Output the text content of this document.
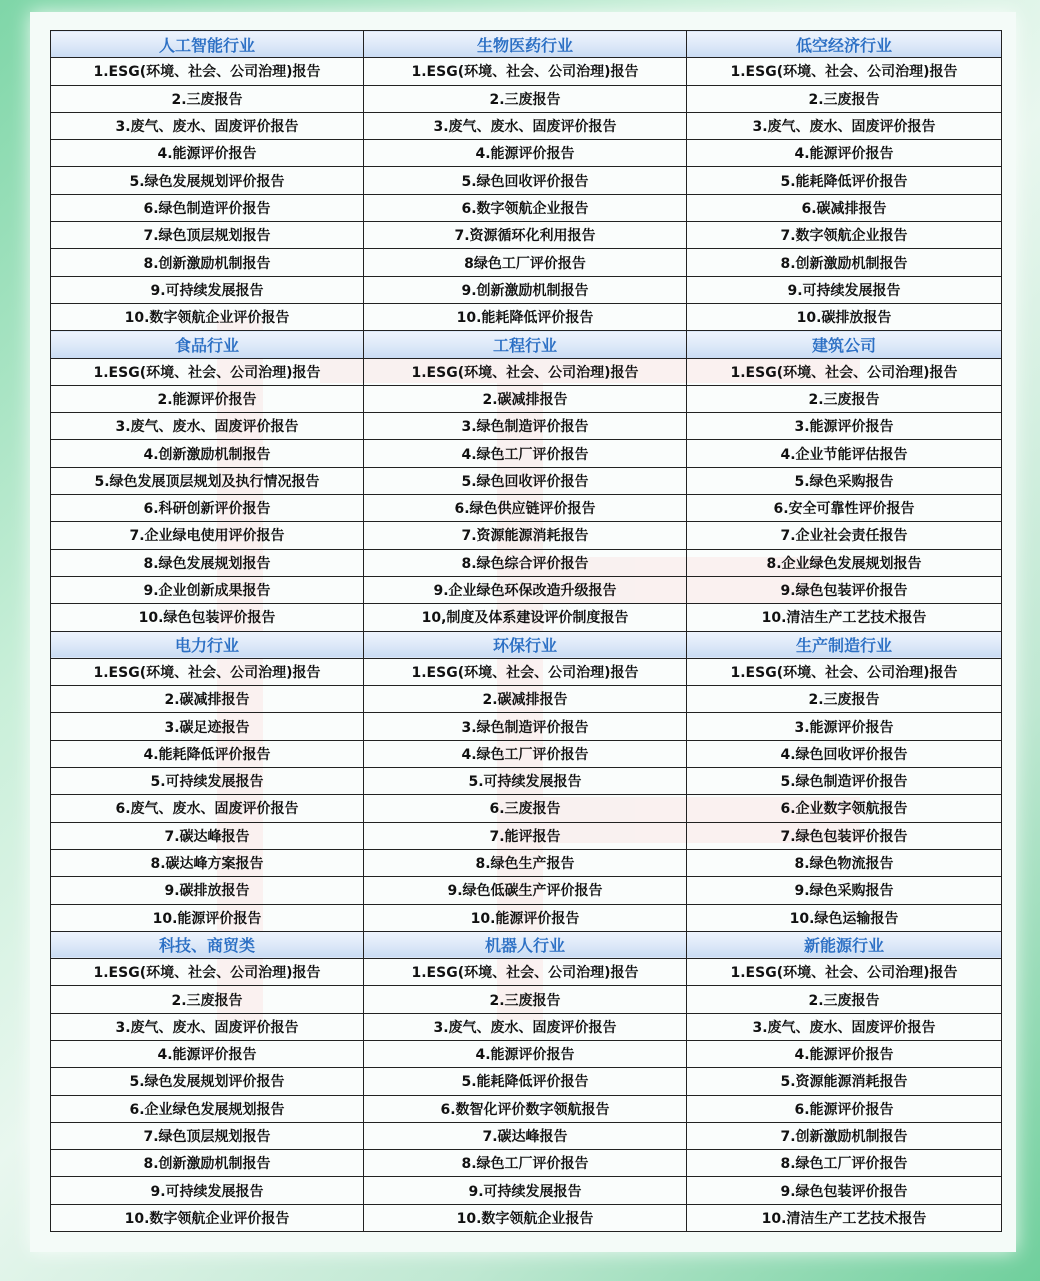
人工智能行业	生物医药行业	低空经济行业
1.ESG(环境、社会、公司治理)报告	1.ESG(环境、社会、公司治理)报告	1.ESG(环境、社会、公司治理)报告
2.三废报告	2.三废报告	2.三废报告
3.废气、废水、固废评价报告	3.废气、废水、固废评价报告	3.废气、废水、固废评价报告
4.能源评价报告	4.能源评价报告	4.能源评价报告
5.绿色发展规划评价报告	5.绿色回收评价报告	5.能耗降低评价报告
6.绿色制造评价报告	6.数字领航企业报告	6.碳减排报告
7.绿色顶层规划报告	7.资源循环化利用报告	7.数字领航企业报告
8.创新激励机制报告	8绿色工厂评价报告	8.创新激励机制报告
9.可持续发展报告	9.创新激励机制报告	9.可持续发展报告
10.数字领航企业评价报告	10.能耗降低评价报告	10.碳排放报告
食品行业	工程行业	建筑公司
1.ESG(环境、社会、公司治理)报告	1.ESG(环境、社会、公司治理)报告	1.ESG(环境、社会、公司治理)报告
2.能源评价报告	2.碳减排报告	2.三废报告
3.废气、废水、固废评价报告	3.绿色制造评价报告	3.能源评价报告
4.创新激励机制报告	4.绿色工厂评价报告	4.企业节能评估报告
5.绿色发展顶层规划及执行情况报告	5.绿色回收评价报告	5.绿色采购报告
6.科研创新评价报告	6.绿色供应链评价报告	6.安全可靠性评价报告
7.企业绿电使用评价报告	7.资源能源消耗报告	7.企业社会责任报告
8.绿色发展规划报告	8.绿色综合评价报告	8.企业绿色发展规划报告
9.企业创新成果报告	9.企业绿色环保改造升级报告	9.绿色包装评价报告
10.绿色包装评价报告	10,制度及体系建设评价制度报告	10.清洁生产工艺技术报告
电力行业	环保行业	生产制造行业
1.ESG(环境、社会、公司治理)报告	1.ESG(环境、社会、公司治理)报告	1.ESG(环境、社会、公司治理)报告
2.碳减排报告	2.碳减排报告	2.三废报告
3.碳足迹报告	3.绿色制造评价报告	3.能源评价报告
4.能耗降低评价报告	4.绿色工厂评价报告	4.绿色回收评价报告
5.可持续发展报告	5.可持续发展报告	5.绿色制造评价报告
6.废气、废水、固废评价报告	6.三废报告	6.企业数字领航报告
7.碳达峰报告	7.能评报告	7.绿色包装评价报告
8.碳达峰方案报告	8.绿色生产报告	8.绿色物流报告
9.碳排放报告	9.绿色低碳生产评价报告	9.绿色采购报告
10.能源评价报告	10.能源评价报告	10.绿色运输报告
科技、商贸类	机器人行业	新能源行业
1.ESG(环境、社会、公司治理)报告	1.ESG(环境、社会、公司治理)报告	1.ESG(环境、社会、公司治理)报告
2.三废报告	2.三废报告	2.三废报告
3.废气、废水、固废评价报告	3.废气、废水、固废评价报告	3.废气、废水、固废评价报告
4.能源评价报告	4.能源评价报告	4.能源评价报告
5.绿色发展规划评价报告	5.能耗降低评价报告	5.资源能源消耗报告
6.企业绿色发展规划报告	6.数智化评价数字领航报告	6.能源评价报告
7.绿色顶层规划报告	7.碳达峰报告	7.创新激励机制报告
8.创新激励机制报告	8.绿色工厂评价报告	8.绿色工厂评价报告
9.可持续发展报告	9.可持续发展报告	9.绿色包装评价报告
10.数字领航企业评价报告	10.数字领航企业报告	10.清洁生产工艺技术报告
